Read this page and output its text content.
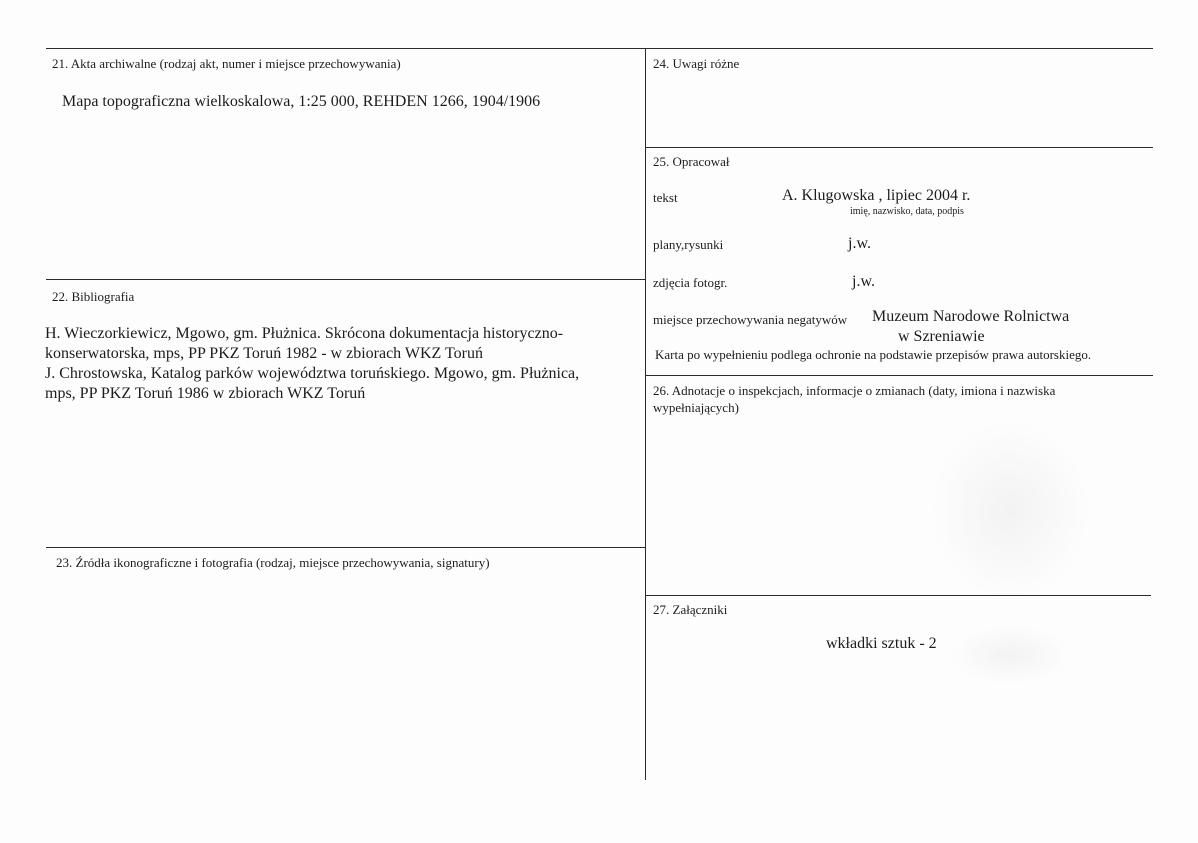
21. Akta archiwalne (rodzaj akt, numer i miejsce przechowywania)
Mapa topograficzna wielkoskalowa, 1:25 000, REHDEN 1266, 1904/1906
22. Bibliografia
H. Wieczorkiewicz, Mgowo, gm. Płużnica. Skrócona dokumentacja historyczno-
konserwatorska, mps, PP PKZ Toruń 1982 - w zbiorach WKZ Toruń
J. Chrostowska, Katalog parków województwa toruńskiego. Mgowo, gm. Płużnica,
mps, PP PKZ Toruń 1986 w zbiorach WKZ Toruń
23. Źródła ikonograficzne i fotografia (rodzaj, miejsce przechowywania, signatury)
24. Uwagi różne
25. Opracował
tekst	A. Klugowska , lipiec 2004 r.
imię, nazwisko, data, podpis
plany,rysunki	j.w.
zdjęcia fotogr.	j.w.
miejsce przechowywania negatywów Muzeum Narodowe Rolnictwa
w Szreniawie
Karta po wypełnieniu podlega ochronie na podstawie przepisów prawa autorskiego.
26. Adnotacje o inspekcjach, informacje o zmianach (daty, imiona i nazwiska
wypełniających)
27. Załączniki
wkładki sztuk - 2
